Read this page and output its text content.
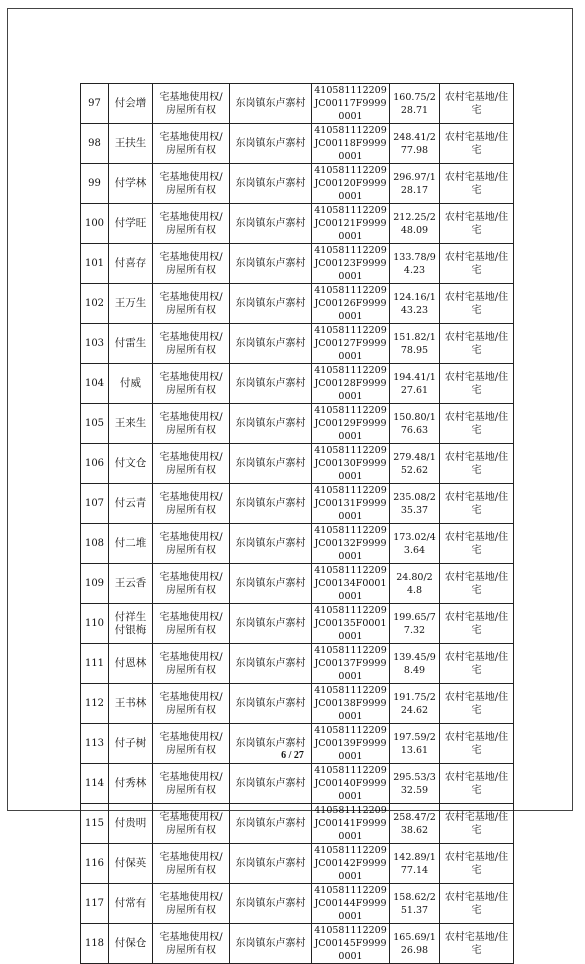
97	付会增	宅基地使用权/房屋所有权	东岗镇东卢寨村	410581112209JC00117F99990001	160.75/228.71	农村宅基地/住宅
98	王扶生	宅基地使用权/房屋所有权	东岗镇东卢寨村	410581112209JC00118F99990001	248.41/277.98	农村宅基地/住宅
99	付学林	宅基地使用权/房屋所有权	东岗镇东卢寨村	410581112209JC00120F99990001	296.97/128.17	农村宅基地/住宅
100	付学旺	宅基地使用权/房屋所有权	东岗镇东卢寨村	410581112209JC00121F99990001	212.25/248.09	农村宅基地/住宅
101	付喜存	宅基地使用权/房屋所有权	东岗镇东卢寨村	410581112209JC00123F99990001	133.78/94.23	农村宅基地/住宅
102	王万生	宅基地使用权/房屋所有权	东岗镇东卢寨村	410581112209JC00126F99990001	124.16/143.23	农村宅基地/住宅
103	付雷生	宅基地使用权/房屋所有权	东岗镇东卢寨村	410581112209JC00127F99990001	151.82/178.95	农村宅基地/住宅
104	付威	宅基地使用权/房屋所有权	东岗镇东卢寨村	410581112209JC00128F99990001	194.41/127.61	农村宅基地/住宅
105	王来生	宅基地使用权/房屋所有权	东岗镇东卢寨村	410581112209JC00129F99990001	150.80/176.63	农村宅基地/住宅
106	付文仓	宅基地使用权/房屋所有权	东岗镇东卢寨村	410581112209JC00130F99990001	279.48/152.62	农村宅基地/住宅
107	付云青	宅基地使用权/房屋所有权	东岗镇东卢寨村	410581112209JC00131F99990001	235.08/235.37	农村宅基地/住宅
108	付二堆	宅基地使用权/房屋所有权	东岗镇东卢寨村	410581112209JC00132F99990001	173.02/43.64	农村宅基地/住宅
109	王云香	宅基地使用权/房屋所有权	东岗镇东卢寨村	410581112209JC00134F00010001	24.80/24.8	农村宅基地/住宅
110	付祥生 付银梅	宅基地使用权/房屋所有权	东岗镇东卢寨村	410581112209JC00135F00010001	199.65/77.32	农村宅基地/住宅
111	付恩林	宅基地使用权/房屋所有权	东岗镇东卢寨村	410581112209JC00137F99990001	139.45/98.49	农村宅基地/住宅
112	王书林	宅基地使用权/房屋所有权	东岗镇东卢寨村	410581112209JC00138F99990001	191.75/224.62	农村宅基地/住宅
113	付子树	宅基地使用权/房屋所有权	东岗镇东卢寨村	410581112209JC00139F99990001	197.59/213.61	农村宅基地/住宅
114	付秀林	宅基地使用权/房屋所有权	东岗镇东卢寨村	410581112209JC00140F99990001	295.53/332.59	农村宅基地/住宅
115	付贵明	宅基地使用权/房屋所有权	东岗镇东卢寨村	410581112209JC00141F99990001	258.47/238.62	农村宅基地/住宅
116	付保英	宅基地使用权/房屋所有权	东岗镇东卢寨村	410581112209JC00142F99990001	142.89/177.14	农村宅基地/住宅
117	付常有	宅基地使用权/房屋所有权	东岗镇东卢寨村	410581112209JC00144F99990001	158.62/251.37	农村宅基地/住宅
118	付保仓	宅基地使用权/房屋所有权	东岗镇东卢寨村	410581112209JC00145F99990001	165.69/126.98	农村宅基地/住宅
6 / 27
